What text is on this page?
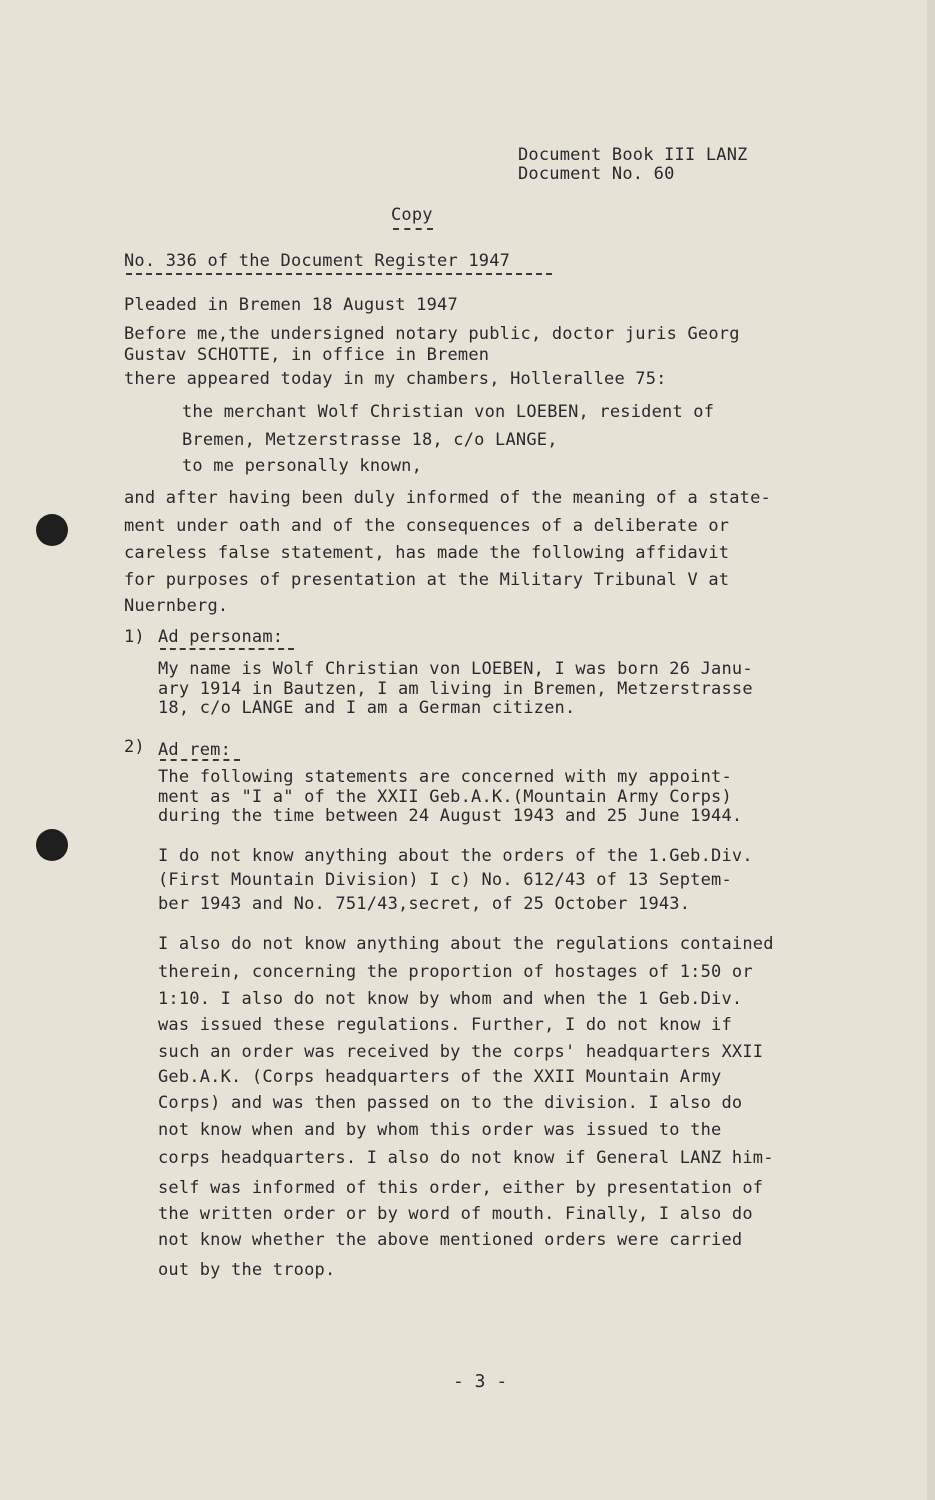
Document Book III LANZ
Document No. 60
Copy
No. 336 of the Document Register 1947
Pleaded in Bremen 18 August 1947
Before me,the undersigned notary public, doctor juris Georg
Gustav SCHOTTE, in office in Bremen
there appeared today in my chambers, Hollerallee 75:
the merchant Wolf Christian von LOEBEN, resident of
Bremen, Metzerstrasse 18, c/o LANGE,
to me personally known,
and after having been duly informed of the meaning of a state-
ment under oath and of the consequences of a deliberate or
careless false statement, has made the following affidavit
for purposes of presentation at the Military Tribunal V at
Nuernberg.
1) Ad personam:
My name is Wolf Christian von LOEBEN, I was born 26 Janu-
ary 1914 in Bautzen, I am living in Bremen, Metzerstrasse
18, c/o LANGE and I am a German citizen.
2) Ad rem:
The following statements are concerned with my appoint-
ment as "I a" of the XXII Geb.A.K.(Mountain Army Corps)
during the time between 24 August 1943 and 25 June 1944.
I do not know anything about the orders of the 1.Geb.Div.
(First Mountain Division) I c) No. 612/43 of 13 Septem-
ber 1943 and No. 751/43,secret, of 25 October 1943.
I also do not know anything about the regulations contained
therein, concerning the proportion of hostages of 1:50 or
1:10. I also do not know by whom and when the 1 Geb.Div.
was issued these regulations. Further, I do not know if
such an order was received by the corps' headquarters XXII
Geb.A.K. (Corps headquarters of the XXII Mountain Army
Corps) and was then passed on to the division. I also do
not know when and by whom this order was issued to the
corps headquarters. I also do not know if General LANZ him-
self was informed of this order, either by presentation of
the written order or by word of mouth. Finally, I also do
not know whether the above mentioned orders were carried
out by the troop.
- 3 -
